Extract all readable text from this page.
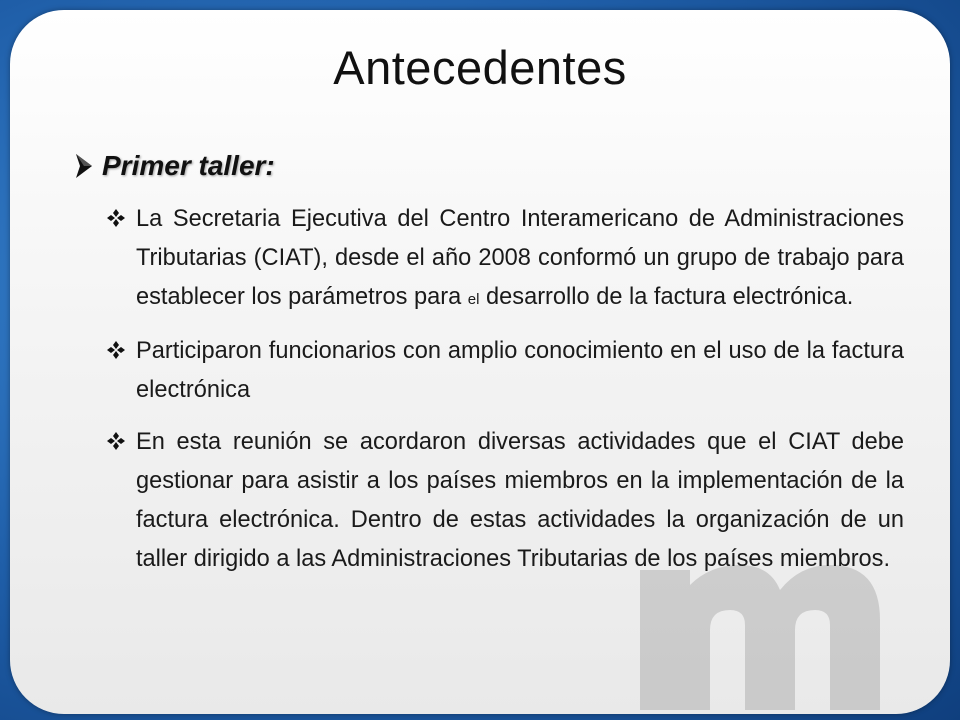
Antecedentes
Primer taller:
La Secretaria Ejecutiva del Centro Interamericano de Administraciones Tributarias (CIAT), desde el año 2008 conformó un grupo de trabajo para establecer los parámetros para el desarrollo de la factura electrónica.
Participaron funcionarios con amplio conocimiento en el uso de la factura electrónica
En esta reunión se acordaron diversas actividades que el CIAT debe gestionar para asistir a los países miembros en la implementación de la factura electrónica. Dentro de estas actividades la organización de un taller dirigido a las Administraciones Tributarias de los países miembros.
